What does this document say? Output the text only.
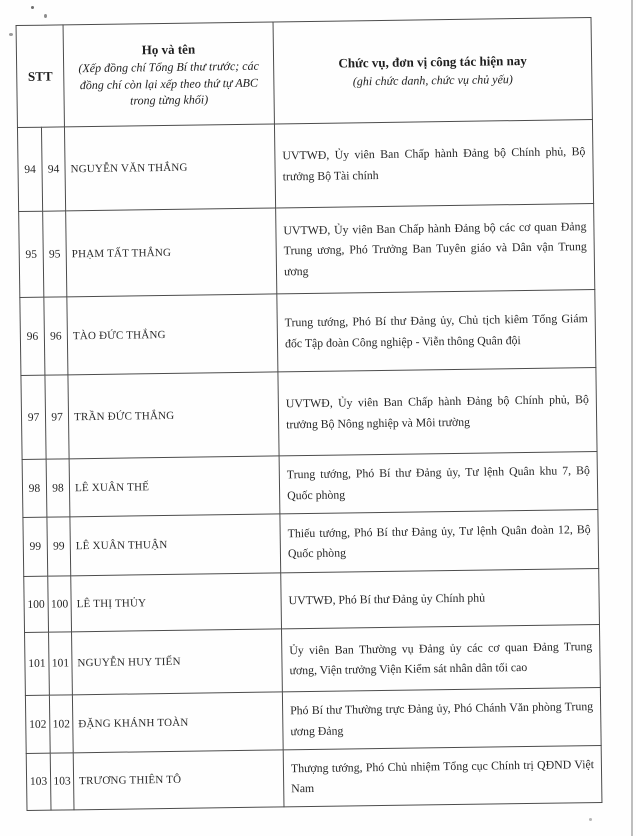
STT	
Họ và tên
(Xếp đồng chí Tổng Bí thư trước; các đồng chí còn lại xếp theo thứ tự ABC trong từng khối)

Chức vụ, đơn vị công tác hiện nay
(ghi chức danh, chức vụ chủ yếu)

94	94	NGUYỄN VĂN THẮNG	UVTWĐ, Ủy viên Ban Chấp hành Đảng bộ Chính phủ, Bộ trưởng Bộ Tài chính
95	95	PHẠM TẤT THẮNG	UVTWĐ, Ủy viên Ban Chấp hành Đảng bộ các cơ quan Đảng Trung ương, Phó Trưởng Ban Tuyên giáo và Dân vận Trung ương
96	96	TÀO ĐỨC THẮNG	Trung tướng, Phó Bí thư Đảng ủy, Chủ tịch kiêm Tổng Giám đốc Tập đoàn Công nghiệp - Viễn thông Quân đội
97	97	TRẦN ĐỨC THẮNG	UVTWĐ, Ủy viên Ban Chấp hành Đảng bộ Chính phủ, Bộ trưởng Bộ Nông nghiệp và Môi trường
98	98	LÊ XUÂN THẾ	Trung tướng, Phó Bí thư Đảng ủy, Tư lệnh Quân khu 7, Bộ Quốc phòng
99	99	LÊ XUÂN THUẬN	Thiếu tướng, Phó Bí thư Đảng ủy, Tư lệnh Quân đoàn 12, Bộ Quốc phòng
100	100	LÊ THỊ THỦY	UVTWĐ, Phó Bí thư Đảng ủy Chính phủ
101	101	NGUYỄN HUY TIẾN	Ủy viên Ban Thường vụ Đảng ủy các cơ quan Đảng Trung ương, Viện trưởng Viện Kiểm sát nhân dân tối cao
102	102	ĐẶNG KHÁNH TOÀN	Phó Bí thư Thường trực Đảng ủy, Phó Chánh Văn phòng Trung ương Đảng
103	103	TRƯƠNG THIÊN TÔ	Thượng tướng, Phó Chủ nhiệm Tổng cục Chính trị QĐND Việt Nam
